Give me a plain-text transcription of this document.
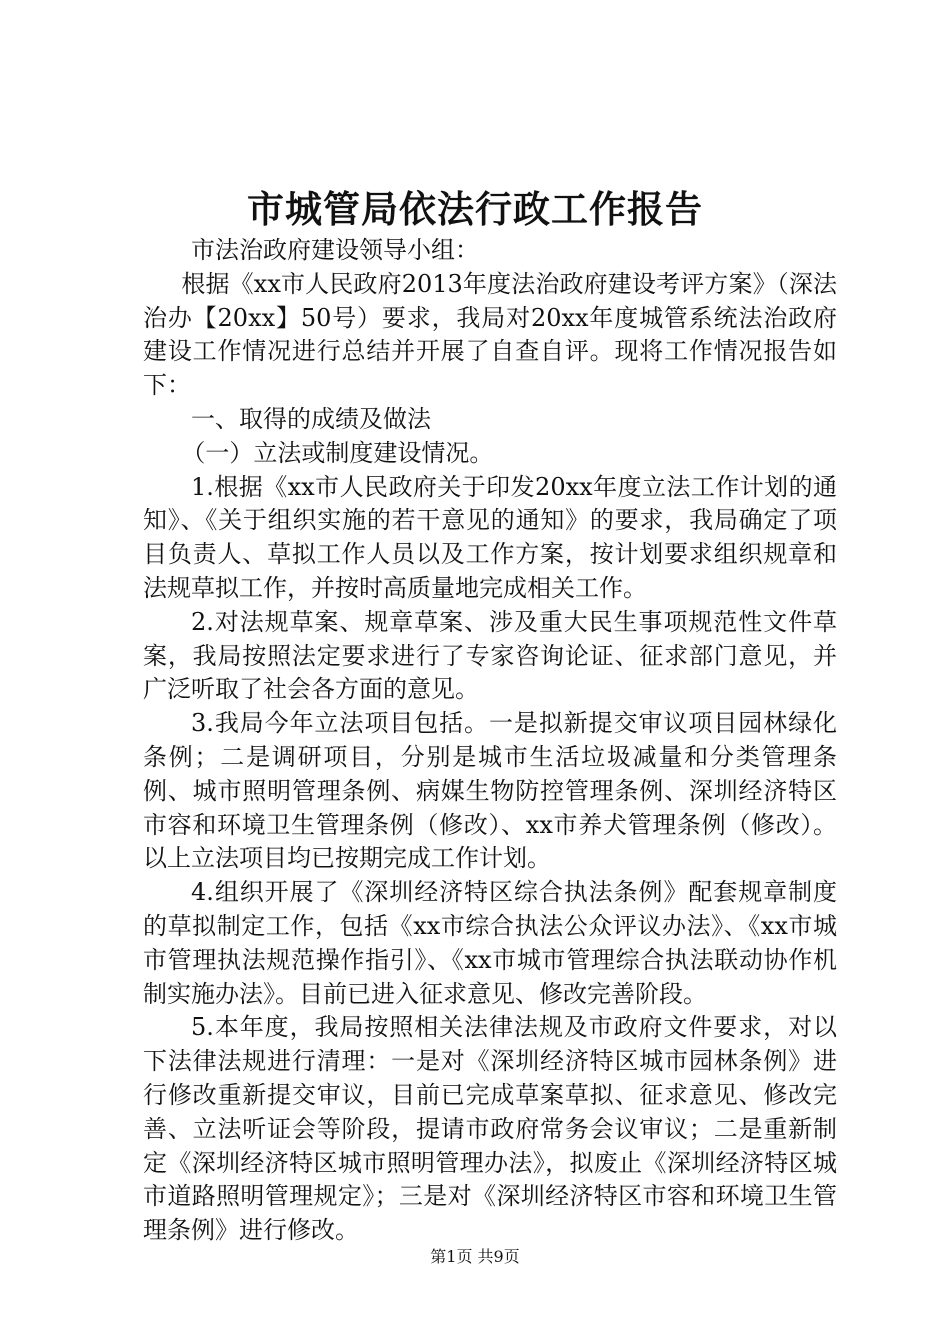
市城管局依法行政工作报告

市法治政府建设领导小组：

根据《xx市人民政府2013年度法治政府建设考评方案》（深法治办【20xx】50号）要求，我局对20xx年度城管系统法治政府建设工作情况进行总结并开展了自查自评。现将工作情况报告如下：

一、取得的成绩及做法

（一）立法或制度建设情况。

1.根据《xx市人民政府关于印发20xx年度立法工作计划的通知》、《关于组织实施的若干意见的通知》的要求，我局确定了项目负责人、草拟工作人员以及工作方案，按计划要求组织规章和法规草拟工作，并按时高质量地完成相关工作。

2.对法规草案、规章草案、涉及重大民生事项规范性文件草案，我局按照法定要求进行了专家咨询论证、征求部门意见，并广泛听取了社会各方面的意见。

3.我局今年立法项目包括。一是拟新提交审议项目园林绿化条例；二是调研项目，分别是城市生活垃圾减量和分类管理条例、城市照明管理条例、病媒生物防控管理条例、深圳经济特区市容和环境卫生管理条例（修改）、xx市养犬管理条例（修改）。以上立法项目均已按期完成工作计划。

4.组织开展了《深圳经济特区综合执法条例》配套规章制度的草拟制定工作，包括《xx市综合执法公众评议办法》、《xx市城市管理执法规范操作指引》、《xx市城市管理综合执法联动协作机制实施办法》。目前已进入征求意见、修改完善阶段。

5.本年度，我局按照相关法律法规及市政府文件要求，对以下法律法规进行清理：一是对《深圳经济特区城市园林条例》进行修改重新提交审议，目前已完成草案草拟、征求意见、修改完善、立法听证会等阶段，提请市政府常务会议审议；二是重新制定《深圳经济特区城市照明管理办法》，拟废止《深圳经济特区城市道路照明管理规定》；三是对《深圳经济特区市容和环境卫生管理条例》进行修改。

第1页 共9页
